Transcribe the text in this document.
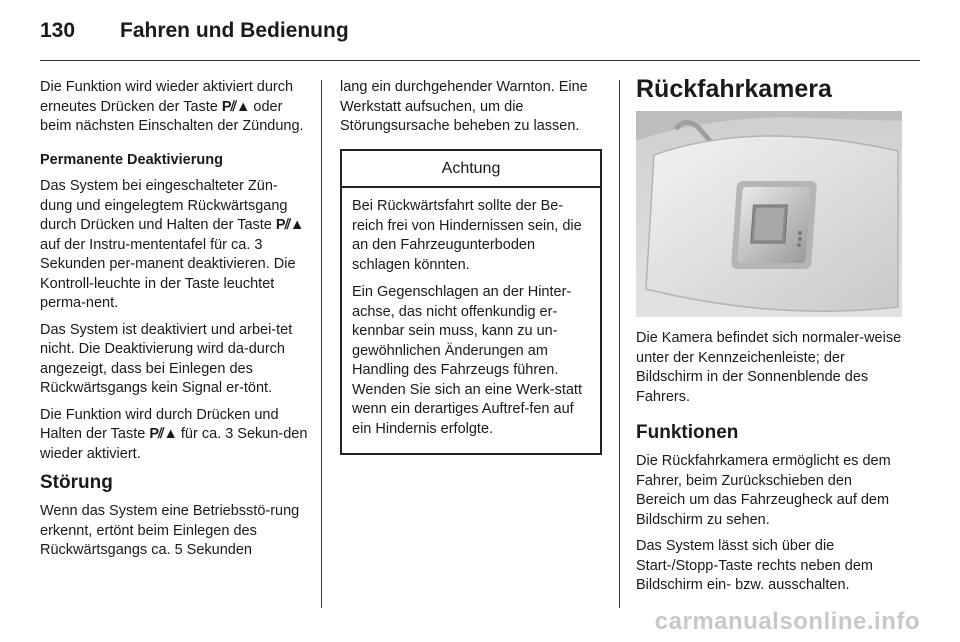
130 Fahren und Bedienung

Die Funktion wird wieder aktiviert durch erneutes Drücken der Taste P⫽▲ oder beim nächsten Einschalten der Zündung.

Permanente Deaktivierung

Das System bei eingeschalteter Zün-dung und eingelegtem Rückwärtsgang durch Drücken und Halten der Taste P⫽▲ auf der Instru-mententafel für ca. 3 Sekunden per-manent deaktivieren. Die Kontroll-leuchte in der Taste leuchtet perma-nent.

Das System ist deaktiviert und arbei-tet nicht. Die Deaktivierung wird da-durch angezeigt, dass bei Einlegen des Rückwärtsgangs kein Signal er-tönt.

Die Funktion wird durch Drücken und Halten der Taste P⫽▲ für ca. 3 Sekun-den wieder aktiviert.

Störung

Wenn das System eine Betriebsstö-rung erkennt, ertönt beim Einlegen des Rückwärtsgangs ca. 5 Sekunden

lang ein durchgehender Warnton. Eine Werkstatt aufsuchen, um die Störungsursache beheben zu lassen.

Achtung

Bei Rückwärtsfahrt sollte der Be-reich frei von Hindernissen sein, die an den Fahrzeugunterboden schlagen könnten.

Ein Gegenschlagen an der Hinter-achse, das nicht offenkundig er-kennbar sein muss, kann zu un-gewöhnlichen Änderungen am Handling des Fahrzeugs führen. Wenden Sie sich an eine Werk-statt wenn ein derartiges Auftref-fen auf ein Hindernis erfolgte.

Rückfahrkamera

Die Kamera befindet sich normaler-weise unter der Kennzeichenleiste; der Bildschirm in der Sonnenblende des Fahrers.

Funktionen

Die Rückfahrkamera ermöglicht es dem Fahrer, beim Zurückschieben den Bereich um das Fahrzeugheck auf dem Bildschirm zu sehen.

Das System lässt sich über die Start-/Stopp-Taste rechts neben dem Bildschirm ein- bzw. ausschalten.

carmanualsonline.info
